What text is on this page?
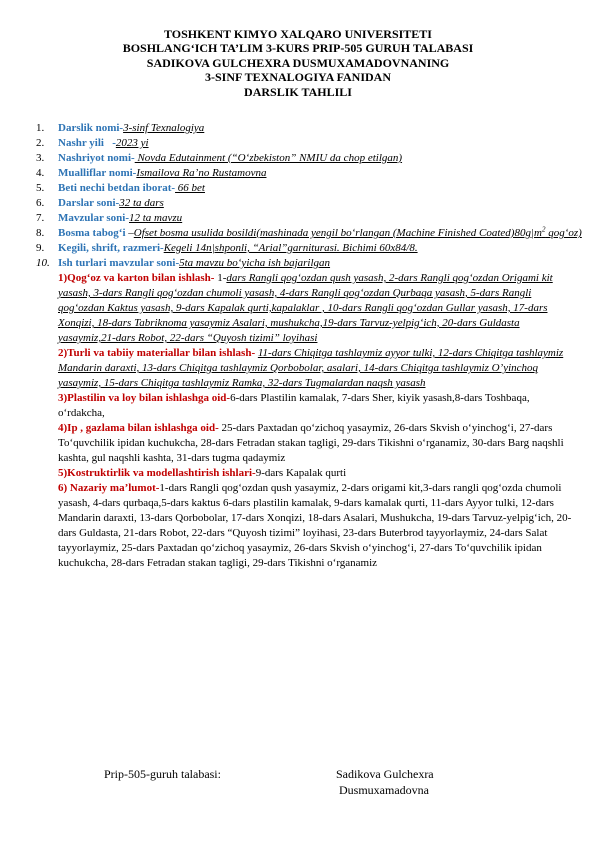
TOSHKENT KIMYO XALQARO UNIVERSITETI
BOSHLANG‘ICH TA’LIM 3-KURS PRIP-505 GURUH TALABASI
SADIKOVA GULCHEXRA DUSMUXAMADOVNANING
3-SINF TEXNALOGIYA FANIDAN
DARSLIK TAHLILI
1.	Darslik nomi-3-sinf Texnalogiya
2.	Nashr yili   -2023 yi
3.	Nashriyot nomi- Novda Edutainment (“O‘zbekiston” NMIU da chop etilgan)
4.	Mualliflar nomi-Ismailova Ra’no Rustamovna
5.	Beti nechi betdan iborat- 66 bet
6.	Darslar soni-32 ta dars
7.	Mavzular soni-12 ta mavzu
8.	Bosma tabog‘i –Ofset bosma usulida bosildi(mashinada yengil bo‘rlangan (Machine Finished $Coated)80g|m^2$ qog‘oz)
9.	Kegili, shrift, razmeri-Kegeli 14n|shponli, “Arial”garniturasi. Bichimi 60x84/8.
10. Ish turlari mavzular soni-5ta mavzu bo‘yicha ish bajarilgan
1)Qog‘oz va karton bilan ishlash- 1-dars Rangli qog‘ozdan qush yasash, 2-dars Rangli qog‘ozdan Origami kit yasash, 3-dars Rangli qog‘ozdan chumoli yasash, 4-dars Rangli qog‘ozdan Qurbaqa yasash, 5-dars Rangli qog‘ozdan Kaktus yasash, 9-dars Kapalak qurti,kapalaklar , 10-dars Rangli qog‘ozdan Gullar yasash, 17-dars Xonqizi, 18-dars Tabriknoma yasaymiz Asalari, mushukcha,19-dars Tarvuz-yelpig‘ich, 20-dars Guldasta yasaymiz,21-dars Robot, 22-dars “Quyosh tizimi” loyihasi
2)Turli va tabiiy materiallar bilan ishlash- 11-dars Chiqitga tashlaymiz ayyor tulki, 12-dars Chiqitga tashlaymiz Mandarin daraxti, 13-dars Chiqitga tashlaymiz Qorbobolar, asalari, 14-dars Chiqitga tashlaymiz O’yinchoq yasaymiz, 15-dars Chiqitga tashlaymiz Ramka, 32-dars Tugmalardan naqsh yasash
3)Plastilin va loy bilan ishlashga oid-6-dars Plastilin kamalak, 7-dars Sher, kiyik yasash,8-dars Toshbaqa, o‘rdakcha,
4)Ip , gazlama bilan ishlashga oid- 25-dars Paxtadan qo‘zichoq yasaymiz, 26-dars Skvish o‘yinchog‘i, 27-dars To‘quvchilik ipidan kuchukcha, 28-dars Fetradan stakan tagligi, 29-dars Tikishni o‘rganamiz, 30-dars Barg naqshli kashta, gul naqshli kashta, 31-dars tugma qadaymiz
5)Kostruktirlik va modellashtirish ishlari-9-dars Kapalak qurti
6) Nazariy ma’lumot-1-dars Rangli qog‘ozdan qush yasaymiz, 2-dars origami kit,3-dars rangli qog‘ozda chumoli yasash, 4-dars qurbaqa,5-dars kaktus 6-dars plastilin kamalak, 9-dars kamalak qurti, 11-dars Ayyor tulki, 12-dars Mandarin daraxti, 13-dars Qorbobolar, 17-dars Xonqizi, 18-dars Asalari, Mushukcha, 19-dars Tarvuz-yelpig‘ich, 20-dars Guldasta, 21-dars Robot, 22-dars “Quyosh tizimi” loyihasi, 23-dars Buterbrod tayyorlaymiz, 24-dars Salat tayyorlaymiz, 25-dars Paxtadan qo‘zichoq yasaymiz, 26-dars Skvish o‘yinchog‘i, 27-dars To‘quvchilik ipidan kuchukcha, 28-dars Fetradan stakan tagligi, 29-dars Tikishni o‘rganamiz
Prip-505-guruh talabasi:	Sadikova Gulchexra
Dusmuxamadovna
